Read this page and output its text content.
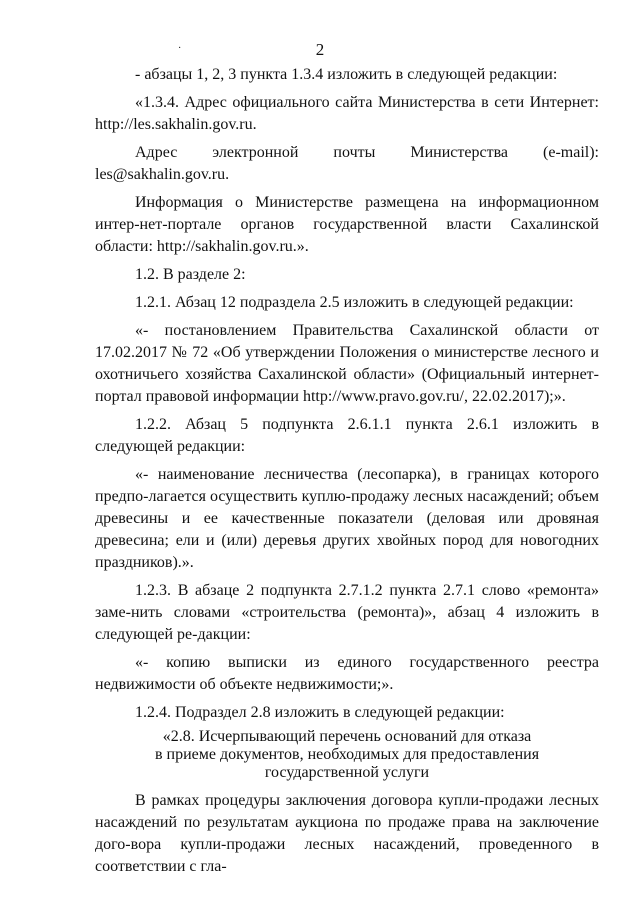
·	2

- абзацы 1, 2, 3 пункта 1.3.4 изложить в следующей редакции:

«1.3.4. Адрес официального сайта Министерства в сети Интернет: http://les.sakhalin.gov.ru.

Адрес электронной почты Министерства (e-mail): les@sakhalin.gov.ru.

Информация о Министерстве размещена на информационном интер-нет-портале органов государственной власти Сахалинской области: http://sakhalin.gov.ru.».

1.2. В разделе 2:

1.2.1. Абзац 12 подраздела 2.5 изложить в следующей редакции:

«- постановлением Правительства Сахалинской области от 17.02.2017 № 72 «Об утверждении Положения о министерстве лесного и охотничьего хозяйства Сахалинской области» (Официальный интернет-портал правовой информации http://www.pravo.gov.ru/, 22.02.2017);».

1.2.2. Абзац 5 подпункта 2.6.1.1 пункта 2.6.1 изложить в следующей редакции:

«- наименование лесничества (лесопарка), в границах которого предпо-лагается осуществить куплю-продажу лесных насаждений; объем древесины и ее качественные показатели (деловая или дровяная древесина; ели и (или) деревья других хвойных пород для новогодних праздников).».

1.2.3. В абзаце 2 подпункта 2.7.1.2 пункта 2.7.1 слово «ремонта» заме-нить словами «строительства (ремонта)», абзац 4 изложить в следующей ре-дакции:

«- копию выписки из единого государственного реестра недвижимости об объекте недвижимости;».

1.2.4. Подраздел 2.8 изложить в следующей редакции:

«2.8. Исчерпывающий перечень оснований для отказа
в приеме документов, необходимых для предоставления
государственной услуги

В рамках процедуры заключения договора купли-продажи лесных насаждений по результатам аукциона по продаже права на заключение дого-вора купли-продажи лесных насаждений, проведенного в соответствии с гла-
